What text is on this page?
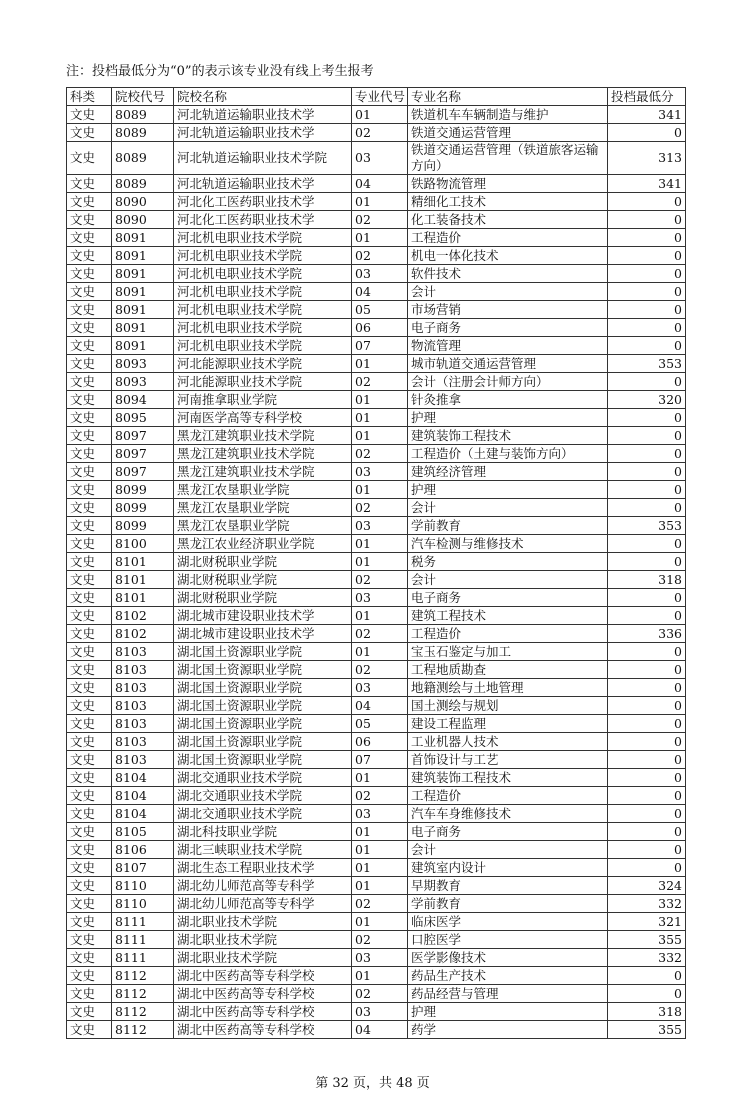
注：投档最低分为“0”的表示该专业没有线上考生报考
科类	院校代号	院校名称	专业代号	专业名称	投档最低分
文史	8089	河北轨道运输职业技术学	01	铁道机车车辆制造与维护	341
文史	8089	河北轨道运输职业技术学	02	铁道交通运营管理	0
文史	8089	河北轨道运输职业技术学院	03	铁道交通运营管理（铁道旅客运输方向）	313
文史	8089	河北轨道运输职业技术学	04	铁路物流管理	341
文史	8090	河北化工医药职业技术学	01	精细化工技术	0
文史	8090	河北化工医药职业技术学	02	化工装备技术	0
文史	8091	河北机电职业技术学院	01	工程造价	0
文史	8091	河北机电职业技术学院	02	机电一体化技术	0
文史	8091	河北机电职业技术学院	03	软件技术	0
文史	8091	河北机电职业技术学院	04	会计	0
文史	8091	河北机电职业技术学院	05	市场营销	0
文史	8091	河北机电职业技术学院	06	电子商务	0
文史	8091	河北机电职业技术学院	07	物流管理	0
文史	8093	河北能源职业技术学院	01	城市轨道交通运营管理	353
文史	8093	河北能源职业技术学院	02	会计（注册会计师方向）	0
文史	8094	河南推拿职业学院	01	针灸推拿	320
文史	8095	河南医学高等专科学校	01	护理	0
文史	8097	黑龙江建筑职业技术学院	01	建筑装饰工程技术	0
文史	8097	黑龙江建筑职业技术学院	02	工程造价（土建与装饰方向）	0
文史	8097	黑龙江建筑职业技术学院	03	建筑经济管理	0
文史	8099	黑龙江农垦职业学院	01	护理	0
文史	8099	黑龙江农垦职业学院	02	会计	0
文史	8099	黑龙江农垦职业学院	03	学前教育	353
文史	8100	黑龙江农业经济职业学院	01	汽车检测与维修技术	0
文史	8101	湖北财税职业学院	01	税务	0
文史	8101	湖北财税职业学院	02	会计	318
文史	8101	湖北财税职业学院	03	电子商务	0
文史	8102	湖北城市建设职业技术学	01	建筑工程技术	0
文史	8102	湖北城市建设职业技术学	02	工程造价	336
文史	8103	湖北国土资源职业学院	01	宝玉石鉴定与加工	0
文史	8103	湖北国土资源职业学院	02	工程地质勘查	0
文史	8103	湖北国土资源职业学院	03	地籍测绘与土地管理	0
文史	8103	湖北国土资源职业学院	04	国土测绘与规划	0
文史	8103	湖北国土资源职业学院	05	建设工程监理	0
文史	8103	湖北国土资源职业学院	06	工业机器人技术	0
文史	8103	湖北国土资源职业学院	07	首饰设计与工艺	0
文史	8104	湖北交通职业技术学院	01	建筑装饰工程技术	0
文史	8104	湖北交通职业技术学院	02	工程造价	0
文史	8104	湖北交通职业技术学院	03	汽车车身维修技术	0
文史	8105	湖北科技职业学院	01	电子商务	0
文史	8106	湖北三峡职业技术学院	01	会计	0
文史	8107	湖北生态工程职业技术学	01	建筑室内设计	0
文史	8110	湖北幼儿师范高等专科学	01	早期教育	324
文史	8110	湖北幼儿师范高等专科学	02	学前教育	332
文史	8111	湖北职业技术学院	01	临床医学	321
文史	8111	湖北职业技术学院	02	口腔医学	355
文史	8111	湖北职业技术学院	03	医学影像技术	332
文史	8112	湖北中医药高等专科学校	01	药品生产技术	0
文史	8112	湖北中医药高等专科学校	02	药品经营与管理	0
文史	8112	湖北中医药高等专科学校	03	护理	318
文史	8112	湖北中医药高等专科学校	04	药学	355
第 32 页，共 48 页
